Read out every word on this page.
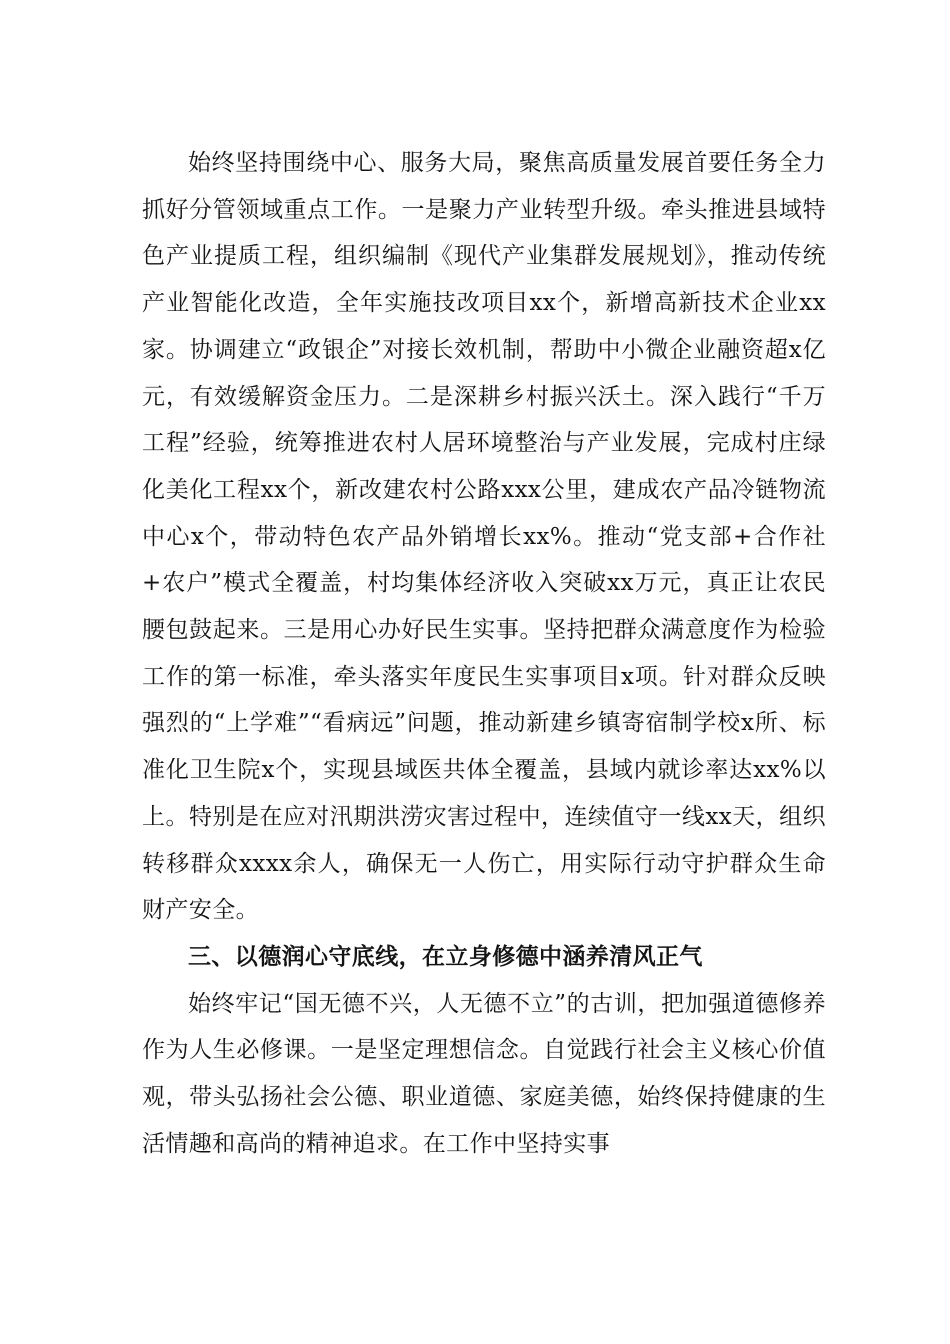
始终坚持围绕中心、服务大局，聚焦高质量发展首要任务全力抓好分管领域重点工作。一是聚力产业转型升级。牵头推进县域特色产业提质工程，组织编制《现代产业集群发展规划》，推动传统产业智能化改造，全年实施技改项目xx个，新增高新技术企业xx家。协调建立“政银企”对接长效机制，帮助中小微企业融资超x亿元，有效缓解资金压力。二是深耕乡村振兴沃土。深入践行“千万工程”经验，统筹推进农村人居环境整治与产业发展，完成村庄绿化美化工程xx个，新改建农村公路xxx公里，建成农产品冷链物流中心x个，带动特色农产品外销增长xx%。推动“党支部+合作社+农户”模式全覆盖，村均集体经济收入突破xx万元，真正让农民腰包鼓起来。三是用心办好民生实事。坚持把群众满意度作为检验工作的第一标准，牵头落实年度民生实事项目x项。针对群众反映强烈的“上学难”“看病远”问题，推动新建乡镇寄宿制学校x所、标准化卫生院x个，实现县域医共体全覆盖，县域内就诊率达xx%以上。特别是在应对汛期洪涝灾害过程中，连续值守一线xx天，组织转移群众xxxx余人，确保无一人伤亡，用实际行动守护群众生命财产安全。

三、以德润心守底线，在立身修德中涵养清风正气

始终牢记“国无德不兴，人无德不立”的古训，把加强道德修养作为人生必修课。一是坚定理想信念。自觉践行社会主义核心价值观，带头弘扬社会公德、职业道德、家庭美德，始终保持健康的生活情趣和高尚的精神追求。在工作中坚持实事
